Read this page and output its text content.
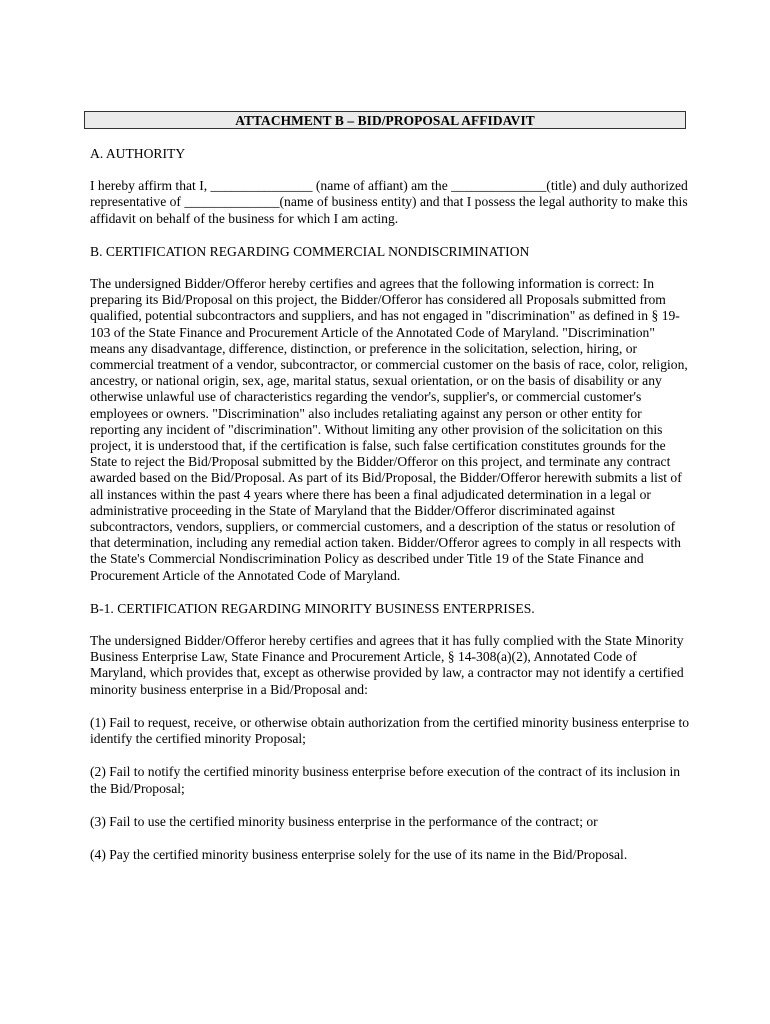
ATTACHMENT B – BID/PROPOSAL AFFIDAVIT

A. AUTHORITY

I hereby affirm that I, _______________ (name of affiant) am the ______________(title) and duly authorized representative of ______________(name of business entity) and that I possess the legal authority to make this affidavit on behalf of the business for which I am acting.

B. CERTIFICATION REGARDING COMMERCIAL NONDISCRIMINATION

The undersigned Bidder/Offeror hereby certifies and agrees that the following information is correct: In preparing its Bid/Proposal on this project, the Bidder/Offeror has considered all Proposals submitted from qualified, potential subcontractors and suppliers, and has not engaged in "discrimination" as defined in § 19-103 of the State Finance and Procurement Article of the Annotated Code of Maryland. "Discrimination" means any disadvantage, difference, distinction, or preference in the solicitation, selection, hiring, or commercial treatment of a vendor, subcontractor, or commercial customer on the basis of race, color, religion, ancestry, or national origin, sex, age, marital status, sexual orientation, or on the basis of disability or any otherwise unlawful use of characteristics regarding the vendor's, supplier's, or commercial customer's employees or owners. "Discrimination" also includes retaliating against any person or other entity for reporting any incident of "discrimination". Without limiting any other provision of the solicitation on this project, it is understood that, if the certification is false, such false certification constitutes grounds for the State to reject the Bid/Proposal submitted by the Bidder/Offeror on this project, and terminate any contract awarded based on the Bid/Proposal. As part of its Bid/Proposal, the Bidder/Offeror herewith submits a list of all instances within the past 4 years where there has been a final adjudicated determination in a legal or administrative proceeding in the State of Maryland that the Bidder/Offeror discriminated against subcontractors, vendors, suppliers, or commercial customers, and a description of the status or resolution of that determination, including any remedial action taken. Bidder/Offeror agrees to comply in all respects with the State's Commercial Nondiscrimination Policy as described under Title 19 of the State Finance and Procurement Article of the Annotated Code of Maryland.

B-1. CERTIFICATION REGARDING MINORITY BUSINESS ENTERPRISES.

The undersigned Bidder/Offeror hereby certifies and agrees that it has fully complied with the State Minority Business Enterprise Law, State Finance and Procurement Article, § 14-308(a)(2), Annotated Code of Maryland, which provides that, except as otherwise provided by law, a contractor may not identify a certified minority business enterprise in a Bid/Proposal and:

(1) Fail to request, receive, or otherwise obtain authorization from the certified minority business enterprise to identify the certified minority Proposal;

(2) Fail to notify the certified minority business enterprise before execution of the contract of its inclusion in the Bid/Proposal;

(3) Fail to use the certified minority business enterprise in the performance of the contract; or

(4) Pay the certified minority business enterprise solely for the use of its name in the Bid/Proposal.
